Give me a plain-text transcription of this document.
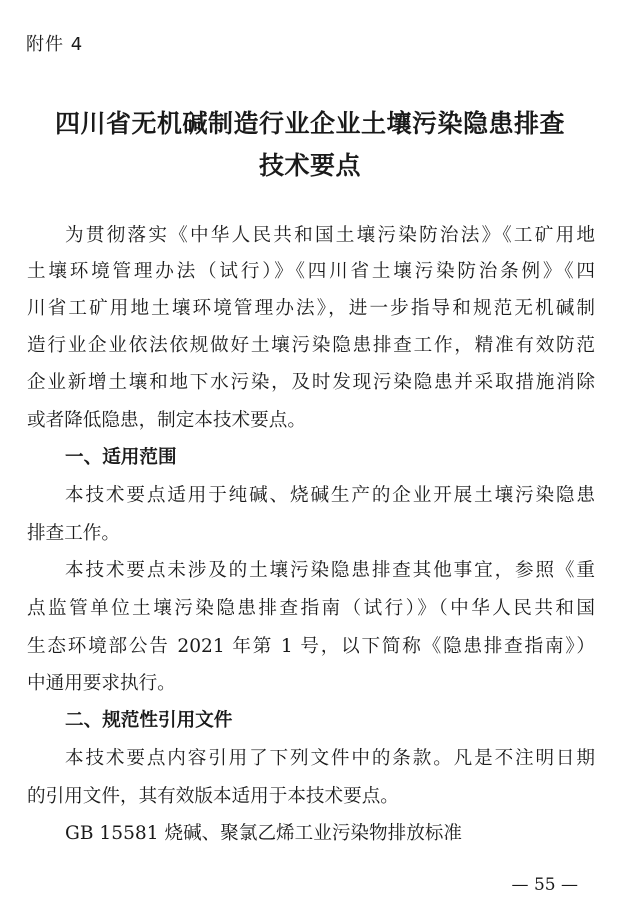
附件 4
四川省无机碱制造行业企业土壤污染隐患排查
技术要点
为贯彻落实《中华人民共和国土壤污染防治法》《工矿用地
土壤环境管理办法（试行）》《四川省土壤污染防治条例》《四
川省工矿用地土壤环境管理办法》，进一步指导和规范无机碱制
造行业企业依法依规做好土壤污染隐患排查工作，精准有效防范
企业新增土壤和地下水污染，及时发现污染隐患并采取措施消除
或者降低隐患，制定本技术要点。
一、适用范围
本技术要点适用于纯碱、烧碱生产的企业开展土壤污染隐患
排查工作。
本技术要点未涉及的土壤污染隐患排查其他事宜，参照《重
点监管单位土壤污染隐患排查指南（试行）》（中华人民共和国
生态环境部公告 2021 年第 1 号，以下简称《隐患排查指南》）
中通用要求执行。
二、规范性引用文件
本技术要点内容引用了下列文件中的条款。凡是不注明日期
的引用文件，其有效版本适用于本技术要点。
GB 15581 烧碱、聚氯乙烯工业污染物排放标准
— 55 —
